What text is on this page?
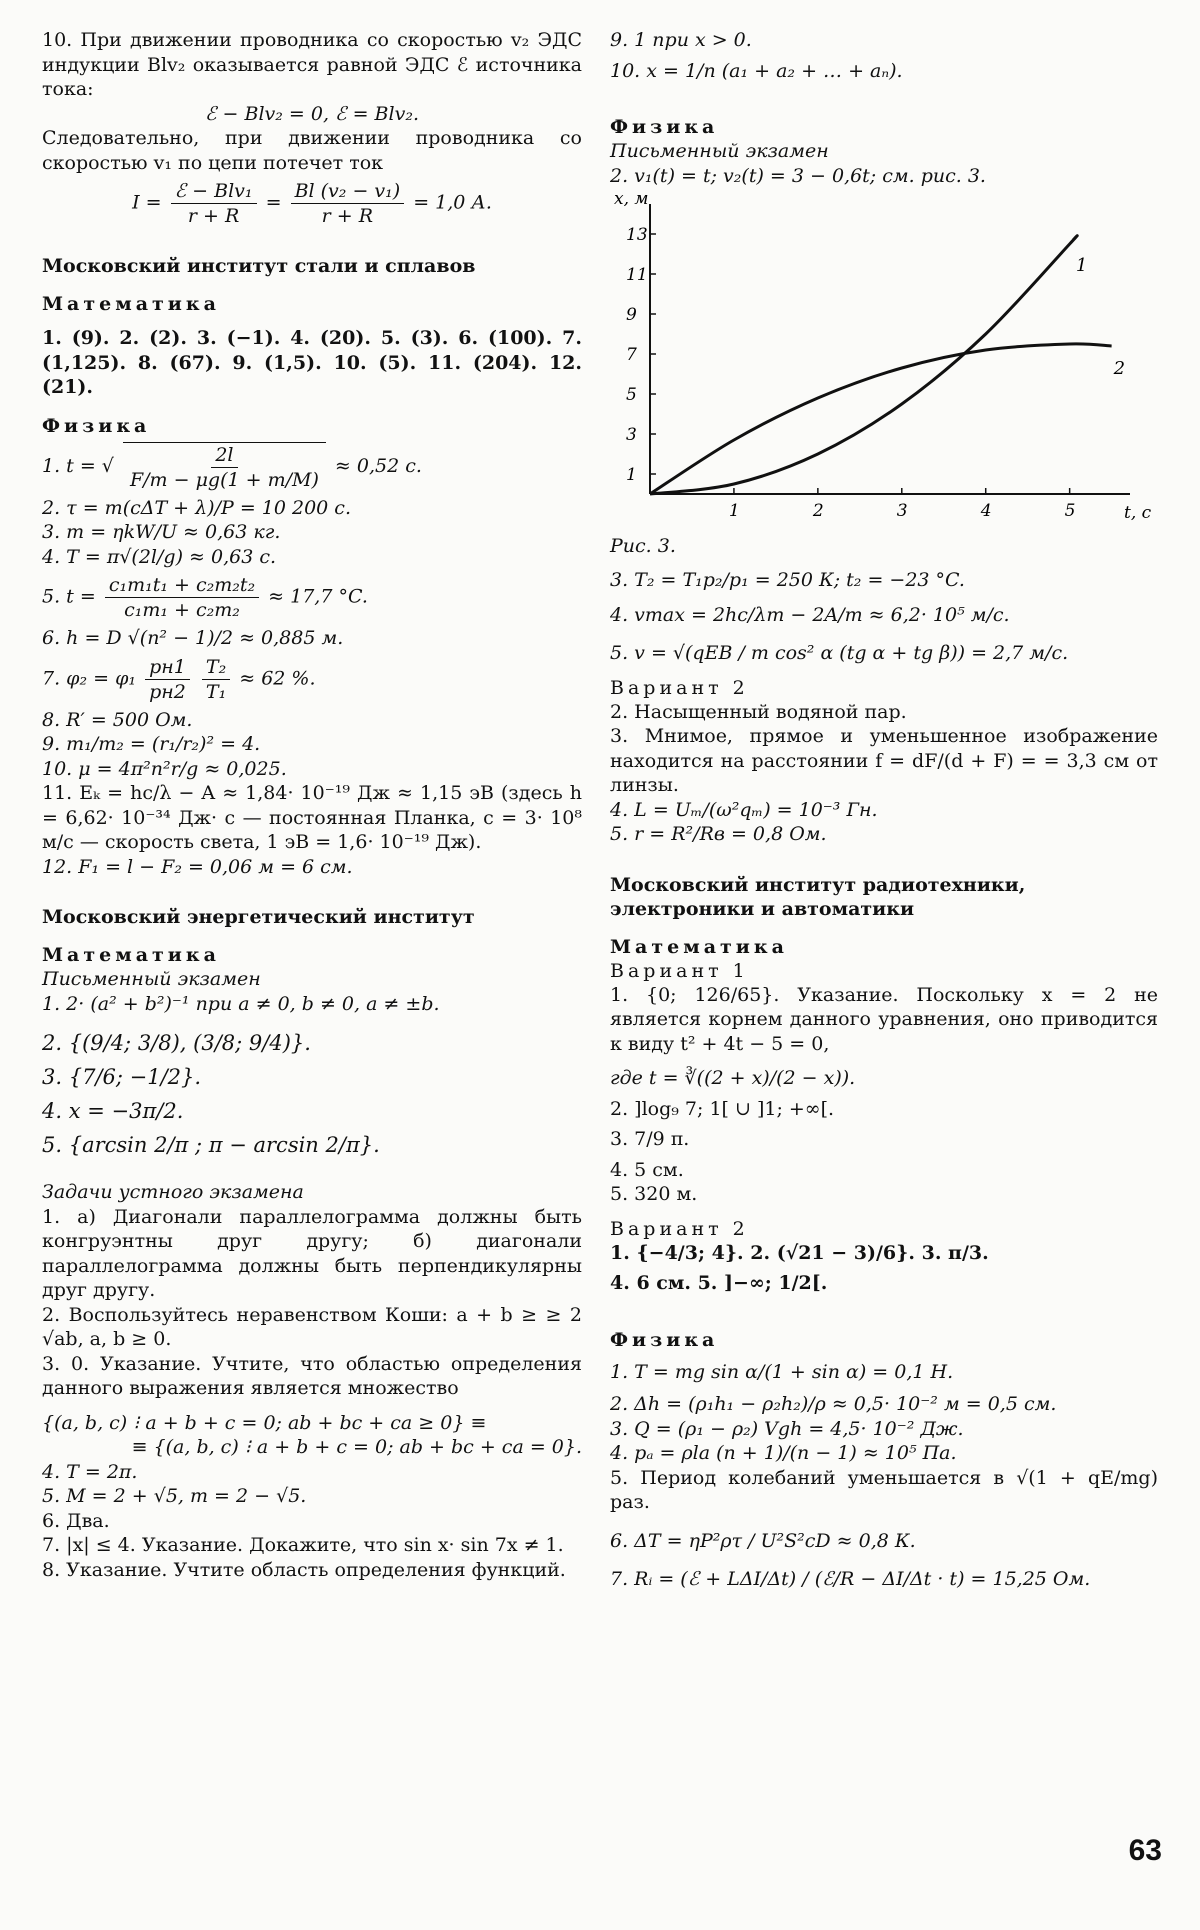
10. При движении проводника со скоростью v₂ ЭДС индукции Blv₂ оказывается равной ЭДС ℰ источника тока:

ℰ − Blv₂ = 0, ℰ = Blv₂.

Следовательно, при движении проводника со скоростью v₁ по цепи потечет ток

$I = \frac{\text{ℰ − Blv₁}}{r + R} = \frac{\text{Bl (v₂ − v₁)}}{r + R} = 1,0$ А.

Московский институт стали и сплавов

Математика

1. (9). 2. (2). 3. (−1). 4. (20). 5. (3). 6. (100). 7. (1,125). 8. (67). 9. (1,5). 10. (5). 11. (204). 12. (21).

Физика

1. t = √ $\frac{2l}{F/m - \mu g(1 + m/M)} \approx 0,52$ с.

2. τ = m(cΔT + λ)/P = 10 200 с.

3. m = ηkW/U ≈ 0,63 кг.

4. T = π√(2l/g) ≈ 0,63 с.

5. $t = \frac{\text{c₁m₁t₁ + c₂m₂t₂}}{\text{c₁m₁ + c₂m₂}} \approx 17,7$ °C.

6. h = D √(n² − 1)/2 ≈ 0,885 м.

7. $\varphi_2 = \varphi_1 \frac{pн1}{pн2}$
$\frac{\text{T₂}}{\text{T₁}} \approx 62$ %.

8. R′ = 500 Ом.

9. m₁/m₂ = (r₁/r₂)² = 4.

10. μ = 4π²n²r/g ≈ 0,025.

11. Eₖ = hc/λ − A ≈ 1,84· 10⁻¹⁹ Дж ≈ 1,15 эВ (здесь h = 6,62· 10⁻³⁴ Дж· с — постоянная Планка, c = 3· 10⁸ м/с — скорость света, 1 эВ = 1,6· 10⁻¹⁹ Дж).

12. F₁ = l − F₂ = 0,06 м = 6 см.

Московский энергетический институт

Математика

Письменный экзамен

1. 2· (a² + b²)⁻¹ при a ≠ 0, b ≠ 0, a ≠ ±b.

2. {(9/4; 3/8), (3/8; 9/4)}.

3. {7/6; −1/2}.

4. x = −3π/2.

5. {arcsin 2/π ; π − arcsin 2/π}.

Задачи устного экзамена

1. а) Диагонали параллелограмма должны быть конгруэнтны друг другу; б) диагонали параллелограмма должны быть перпендикулярны друг другу.

2. Воспользуйтесь неравенством Коши: a + b ≥ ≥ 2 √ab, a, b ≥ 0.

3. 0. Указание. Учтите, что областью определения данного выражения является множество

{(a, b, c) ⁝ a + b + c = 0; ab + bc + ca ≥ 0} ≡

≡ {(a, b, c) ⁝ a + b + c = 0; ab + bc + ca = 0}.

4. T = 2π.

5. M = 2 + √5, m = 2 − √5.

6. Два.

7. |x| ≤ 4. Указание. Докажите, что sin x· sin 7x ≠ 1.

8. Указание. Учтите область определения функций.

9. 1 при x > 0.

10. x = 1/n (a₁ + a₂ + … + aₙ).

Физика

Письменный экзамен

2. v₁(t) = t; v₂(t) = 3 − 0,6t; см. рис. 3.

x, м
t, с
1	2	3	4	5
1
3
5
7
9
11
13
1
2

Рис. 3.

3. T₂ = T₁p₂/p₁ = 250 К; t₂ = −23 °C.

4. vmax = 2hc/λm − 2A/m ≈ 6,2· 10⁵ м/с.

5. v = √(qEB / m cos² α (tg α + tg β)) = 2,7 м/с.

Вариант 2

2. Насыщенный водяной пар.

3. Мнимое, прямое и уменьшенное изображение находится на расстоянии f = dF/(d + F) = = 3,3 см от линзы.

4. L = Uₘ/(ω²qₘ) = 10⁻³ Гн.

5. r = R²/Rв = 0,8 Ом.

Московский институт радиотехники, электроники и автоматики

Математика

Вариант 1

1. {0; 126/65}. Указание. Поскольку x = 2 не является корнем данного уравнения, оно приводится к виду t² + 4t − 5 = 0,

где t = ∛((2 + x)/(2 − x)).

2. ]log₉ 7; 1[ ∪ ]1; +∞[.

3. 7/9 π.

4. 5 см.

5. 320 м.

Вариант 2

1. {−4/3; 4}. 2. (√21 − 3)/6}. 3. π/3.

4. 6 см. 5. ]−∞; 1/2[.

Физика

1. T = mg sin α/(1 + sin α) = 0,1 Н.

2. Δh = (ρ₁h₁ − ρ₂h₂)/ρ ≈ 0,5· 10⁻² м = 0,5 см.

3. Q = (ρ₁ − ρ₂) Vgh = 4,5· 10⁻² Дж.

4. pₐ = ρla (n + 1)/(n − 1) ≈ 10⁵ Па.

5. Период колебаний уменьшается в √(1 + qE/mg) раз.

6. ΔT = ηP²ρτ / U²S²cD ≈ 0,8 К.

7. Rᵢ = (ℰ + LΔI/Δt) / (ℰ/R − ΔI/Δt · t) = 15,25 Ом.

63
